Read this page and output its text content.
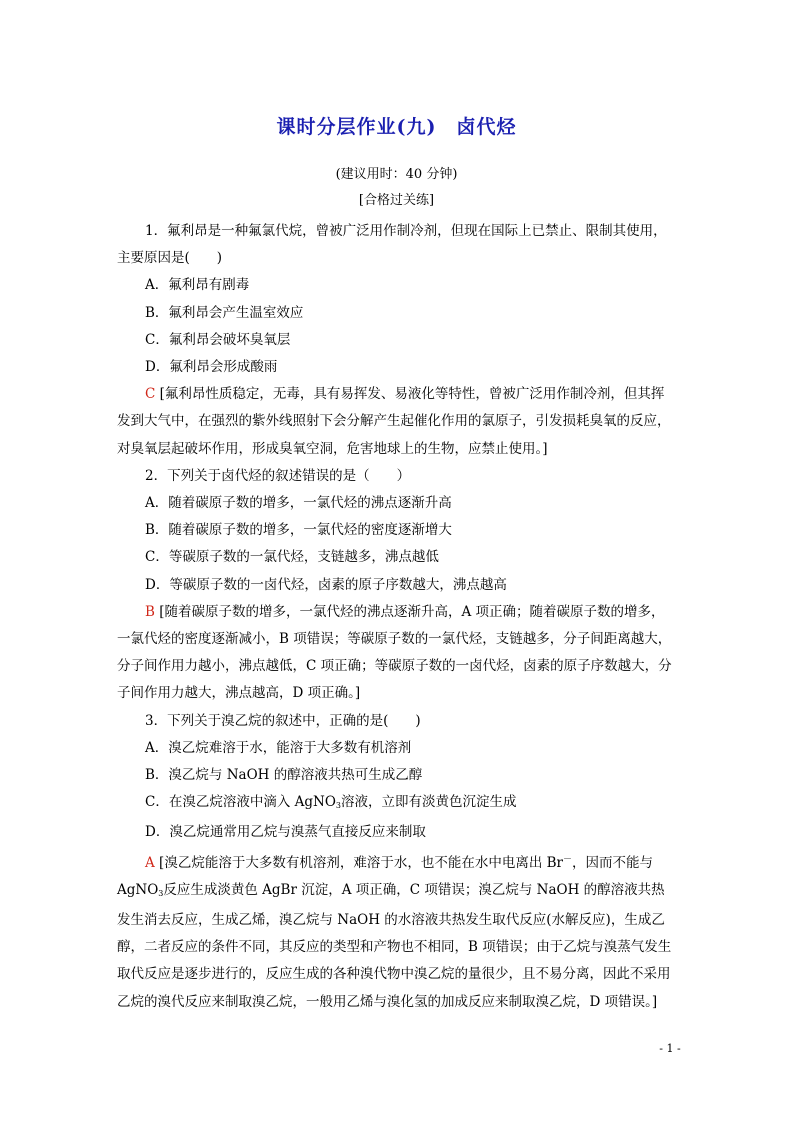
课时分层作业(九) 卤代烃
(建议用时：40 分钟)
[合格过关练]

1．氟利昂是一种氟氯代烷，曾被广泛用作制冷剂，但现在国际上已禁止、限制其使用，主要原因是(　　)

A．氟利昂有剧毒

B．氟利昂会产生温室效应

C．氟利昂会破坏臭氧层

D．氟利昂会形成酸雨

C [氟利昂性质稳定，无毒，具有易挥发、易液化等特性，曾被广泛用作制冷剂，但其挥发到大气中，在强烈的紫外线照射下会分解产生起催化作用的氯原子，引发损耗臭氧的反应，对臭氧层起破坏作用，形成臭氧空洞，危害地球上的生物，应禁止使用。]

2．下列关于卤代烃的叙述错误的是（　　）

A．随着碳原子数的增多，一氯代烃的沸点逐渐升高

B．随着碳原子数的增多，一氯代烃的密度逐渐增大

C．等碳原子数的一氯代烃，支链越多，沸点越低

D．等碳原子数的一卤代烃，卤素的原子序数越大，沸点越高

B [随着碳原子数的增多，一氯代烃的沸点逐渐升高，A 项正确；随着碳原子数的增多，一氯代烃的密度逐渐减小，B 项错误；等碳原子数的一氯代烃，支链越多，分子间距离越大，分子间作用力越小，沸点越低，C 项正确；等碳原子数的一卤代烃，卤素的原子序数越大，分子间作用力越大，沸点越高，D 项正确。]

3．下列关于溴乙烷的叙述中，正确的是(　　)

A．溴乙烷难溶于水，能溶于大多数有机溶剂

B．溴乙烷与 NaOH 的醇溶液共热可生成乙醇

C．在溴乙烷溶液中滴入 AgNO3溶液，立即有淡黄色沉淀生成

D．溴乙烷通常用乙烷与溴蒸气直接反应来制取

A [溴乙烷能溶于大多数有机溶剂，难溶于水，也不能在水中电离出 Br－，因而不能与 AgNO3反应生成淡黄色 AgBr 沉淀，A 项正确，C 项错误；溴乙烷与 NaOH 的醇溶液共热发生消去反应，生成乙烯，溴乙烷与 NaOH 的水溶液共热发生取代反应(水解反应)，生成乙醇，二者反应的条件不同，其反应的类型和产物也不相同，B 项错误；由于乙烷与溴蒸气发生取代反应是逐步进行的，反应生成的各种溴代物中溴乙烷的量很少，且不易分离，因此不采用乙烷的溴代反应来制取溴乙烷，一般用乙烯与溴化氢的加成反应来制取溴乙烷，D 项错误。]

- 1 -
